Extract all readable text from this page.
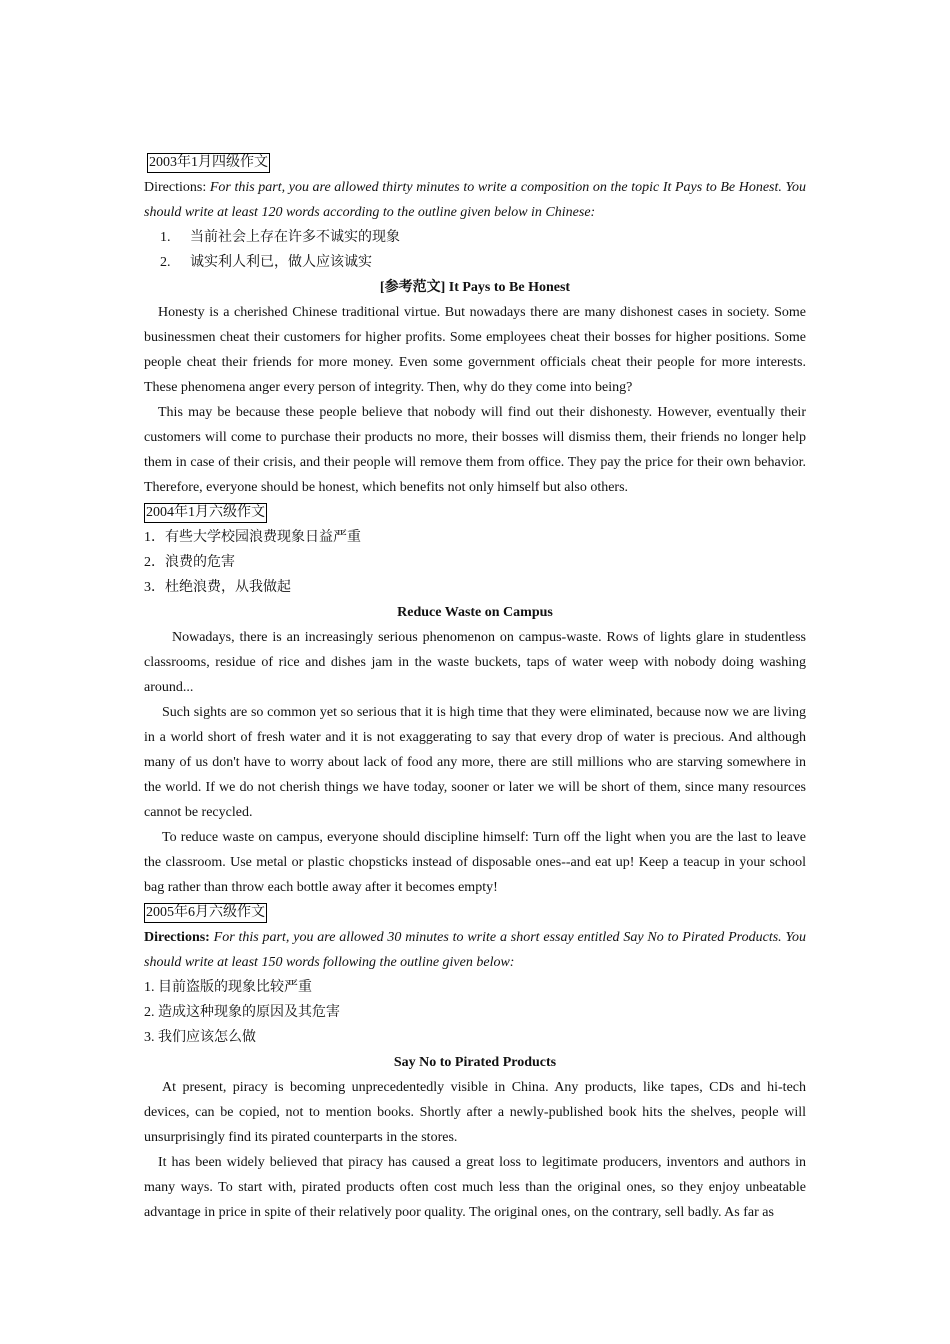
2003年1月四级作文
Directions: For this part, you are allowed thirty minutes to write a composition on the topic It Pays to Be Honest. You should write at least 120 words according to the outline given below in Chinese:
1. 当前社会上存在许多不诚实的现象
2. 诚实利人利已，做人应该诚实
[参考范文] It Pays to Be Honest
Honesty is a cherished Chinese traditional virtue. But nowadays there are many dishonest cases in society. Some businessmen cheat their customers for higher profits. Some employees cheat their bosses for higher positions. Some people cheat their friends for more money. Even some government officials cheat their people for more interests. These phenomena anger every person of integrity. Then, why do they come into being?
This may be because these people believe that nobody will find out their dishonesty. However, eventually their customers will come to purchase their products no more, their bosses will dismiss them, their friends no longer help them in case of their crisis, and their people will remove them from office. They pay the price for their own behavior. Therefore, everyone should be honest, which benefits not only himself but also others.
2004年1月六级作文
1．有些大学校园浪费现象日益严重
2．浪费的危害
3．杜绝浪费，从我做起
Reduce Waste on Campus
Nowadays, there is an increasingly serious phenomenon on campus-waste. Rows of lights glare in studentless classrooms, residue of rice and dishes jam in the waste buckets, taps of water weep with nobody doing washing around...
Such sights are so common yet so serious that it is high time that they were eliminated, because now we are living in a world short of fresh water and it is not exaggerating to say that every drop of water is precious. And although many of us don't have to worry about lack of food any more, there are still millions who are starving somewhere in the world. If we do not cherish things we have today, sooner or later we will be short of them, since many resources cannot be recycled.
To reduce waste on campus, everyone should discipline himself: Turn off the light when you are the last to leave the classroom. Use metal or plastic chopsticks instead of disposable ones--and eat up! Keep a teacup in your school bag rather than throw each bottle away after it becomes empty!
2005年6月六级作文
Directions: For this part, you are allowed 30 minutes to write a short essay entitled Say No to Pirated Products. You should write at least 150 words following the outline given below:
1. 目前盗版的现象比较严重
2. 造成这种现象的原因及其危害
3. 我们应该怎么做
Say No to Pirated Products
At present, piracy is becoming unprecedentedly visible in China. Any products, like tapes, CDs and hi-tech devices, can be copied, not to mention books. Shortly after a newly-published book hits the shelves, people will unsurprisingly find its pirated counterparts in the stores.
It has been widely believed that piracy has caused a great loss to legitimate producers, inventors and authors in many ways. To start with, pirated products often cost much less than the original ones, so they enjoy unbeatable advantage in price in spite of their relatively poor quality. The original ones, on the contrary, sell badly. As far as
